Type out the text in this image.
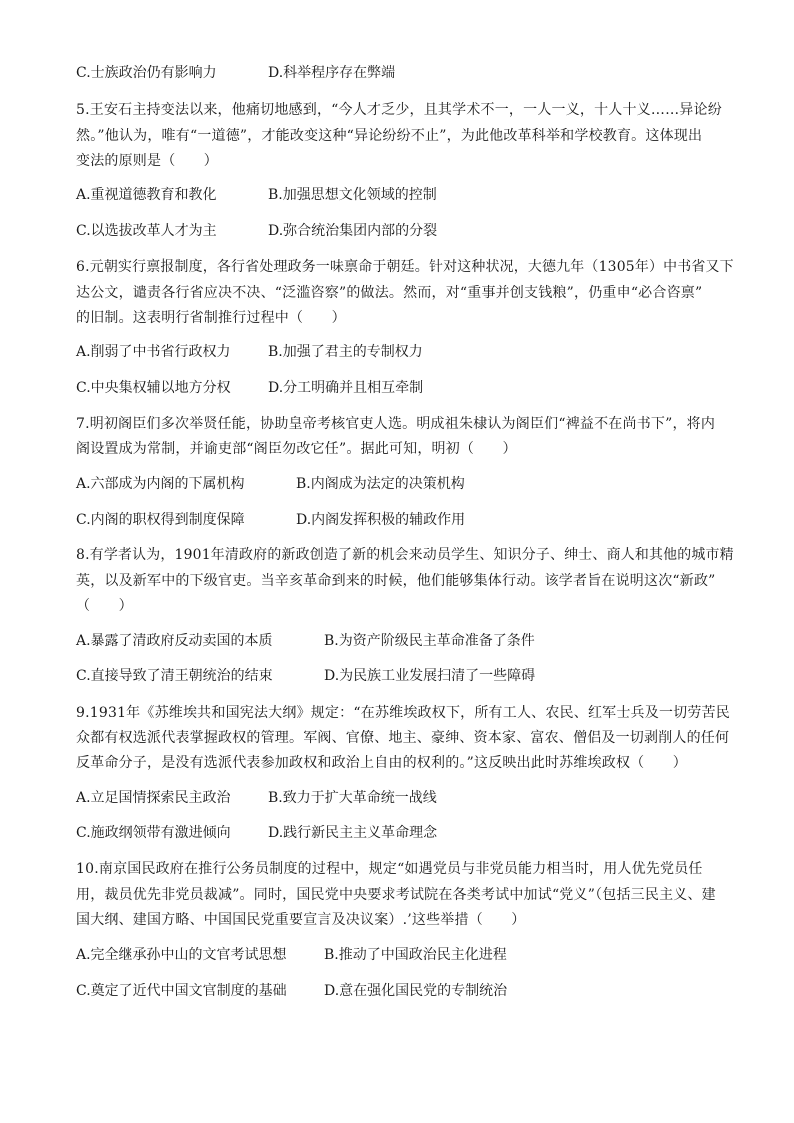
C.士族政治仍有影响力	D.科举程序存在弊端
5.王安石主持变法以来，他痛切地感到，“今人才乏少，且其学术不一，一人一义，十人十义……异论纷
然。”他认为，唯有“一道德”，才能改变这种“异论纷纷不止”，为此他改革科举和学校教育。这体现出
变法的原则是（　　）
A.重视道德教育和教化	B.加强思想文化领域的控制
C.以选拔改革人才为主	D.弥合统治集团内部的分裂
6.元朝实行禀报制度，各行省处理政务一味禀命于朝廷。针对这种状况，大德九年（1305年）中书省又下
达公文，谴责各行省应决不决、“泛滥咨察”的做法。然而，对“重事并创支钱粮”，仍重申“必合咨禀”
的旧制。这表明行省制推行过程中（　　）
A.削弱了中书省行政权力	B.加强了君主的专制权力
C.中央集权辅以地方分权	D.分工明确并且相互牵制
7.明初阁臣们多次举贤任能，协助皇帝考核官吏人选。明成祖朱棣认为阁臣们“裨益不在尚书下”，将内
阁设置成为常制，并谕吏部“阁臣勿改它任”。据此可知，明初（　　）
A.六部成为内阁的下属机构	B.内阁成为法定的决策机构
C.内阁的职权得到制度保障	D.内阁发挥积极的辅政作用
8.有学者认为，1901年清政府的新政创造了新的机会来动员学生、知识分子、绅士、商人和其他的城市精
英，以及新军中的下级官吏。当辛亥革命到来的时候，他们能够集体行动。该学者旨在说明这次“新政”
（　　）
A.暴露了清政府反动卖国的本质	B.为资产阶级民主革命准备了条件
C.直接导致了清王朝统治的结束	D.为民族工业发展扫清了一些障碍
9.1931年《苏维埃共和国宪法大纲》规定：“在苏维埃政权下，所有工人、农民、红军士兵及一切劳苦民
众都有权选派代表掌握政权的管理。军阀、官僚、地主、豪绅、资本家、富农、僧侣及一切剥削人的任何
反革命分子，是没有选派代表参加政权和政治上自由的权利的。”这反映出此时苏维埃政权（　　）
A.立足国情探索民主政治	B.致力于扩大革命统一战线
C.施政纲领带有激进倾向	D.践行新民主主义革命理念
10.南京国民政府在推行公务员制度的过程中，规定“如遇党员与非党员能力相当时，用人优先党员任
用，裁员优先非党员裁减”。同时，国民党中央要求考试院在各类考试中加试“党义”（包括三民主义、建
国大纲、建国方略、中国国民党重要宣言及决议案）.’这些举措（　　）
A.完全继承孙中山的文官考试思想	B.推动了中国政治民主化进程
C.奠定了近代中国文官制度的基础	D.意在强化国民党的专制统治
